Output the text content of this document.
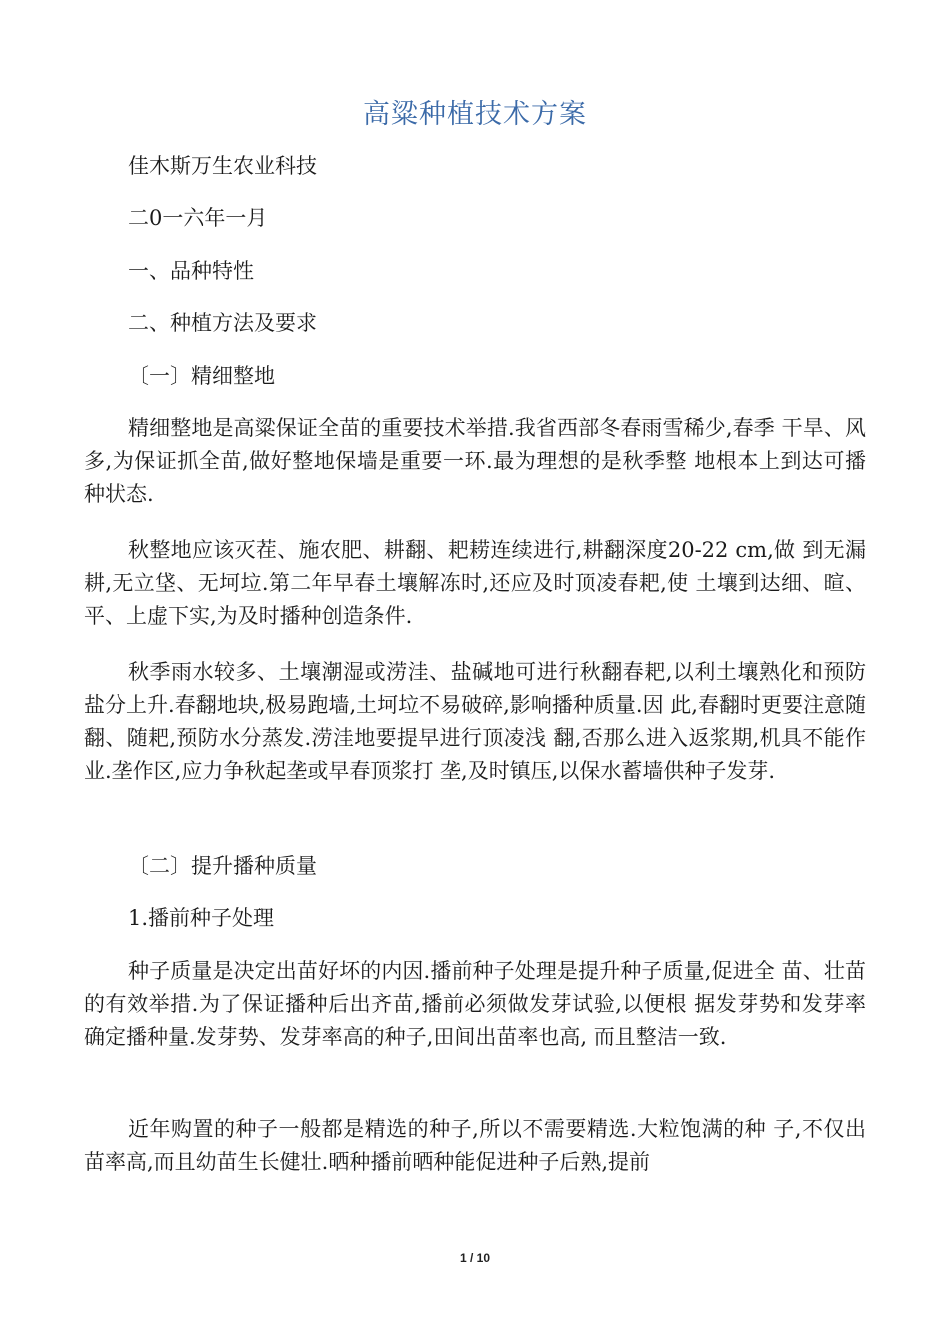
高粱种植技术方案
佳木斯万生农业科技
二0一六年一月
一、品种特性
二、种植方法及要求
〔一〕精细整地
精细整地是高粱保证全苗的重要技术举措.我省西部冬春雨雪稀少,春季 干旱、风多,为保证抓全苗,做好整地保墙是重要一环.最为理想的是秋季整 地根本上到达可播种状态.
秋整地应该灭茬、施农肥、耕翻、耙耢连续进行,耕翻深度20-22 cm,做 到无漏耕,无立垡、无坷垃.第二年早春土壤解冻时,还应及时顶凌春耙,使 土壤到达细、暄、平、上虚下实,为及时播种创造条件.
秋季雨水较多、土壤潮湿或涝洼、盐碱地可进行秋翻春耙,以利土壤熟化和预防盐分上升.春翻地块,极易跑墙,土坷垃不易破碎,影响播种质量.因 此,春翻时更要注意随翻、随耙,预防水分蒸发.涝洼地要提早进行顶凌浅 翻,否那么进入返浆期,机具不能作业.垄作区,应力争秋起垄或早春顶浆打 垄,及时镇压,以保水蓄墙供种子发芽.
〔二〕提升播种质量
1.播前种子处理
种子质量是决定出苗好坏的内因.播前种子处理是提升种子质量,促进全 苗、壮苗的有效举措.为了保证播种后出齐苗,播前必须做发芽试验,以便根 据发芽势和发芽率确定播种量.发芽势、发芽率高的种子,田间出苗率也高, 而且整洁一致.
近年购置的种子一般都是精选的种子,所以不需要精选.大粒饱满的种 子,不仅出苗率高,而且幼苗生长健壮.晒种播前晒种能促进种子后熟,提前
1 / 10
